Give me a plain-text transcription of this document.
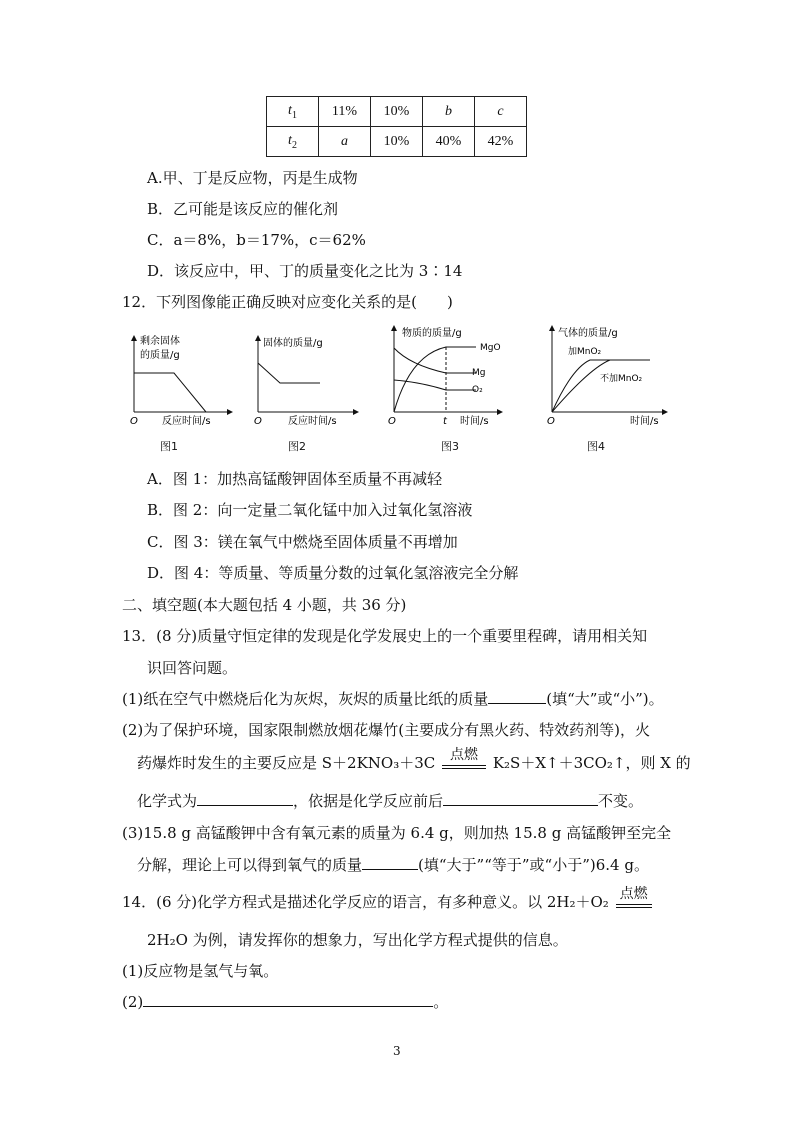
$t_1$	11%	10%	b	c
$t_2$	a	10%	40%	42%
A.甲、丁是反应物，丙是生成物
B．乙可能是该反应的催化剂
C．a＝8%，b＝17%，c＝62%
D．该反应中，甲、丁的质量变化之比为 3∶14
12．下列图像能正确反映对应变化关系的是(　　)
剩余固体
的质量/g
反应时间/s
O
固体的质量/g
反应时间/s
O
物质的质量/g
MgO
Mg
O₂
t 时间/s
O
气体的质量/g
加MnO₂
不加MnO₂
时间/s
O
图1	图2	图3	图4
A．图 1：加热高锰酸钾固体至质量不再减轻
B．图 2：向一定量二氧化锰中加入过氧化氢溶液
C．图 3：镁在氧气中燃烧至固体质量不再增加
D．图 4：等质量、等质量分数的过氧化氢溶液完全分解
二、填空题(本大题包括 4 小题，共 36 分)
13．(8 分)质量守恒定律的发现是化学发展史上的一个重要里程碑，请用相关知
识回答问题。
(1)纸在空气中燃烧后化为灰烬，灰烬的质量比纸的质量	(填“大”或“小”)。
(2)为了保护环境，国家限制燃放烟花爆竹(主要成分有黑火药、特效药剂等)，火
药爆炸时发生的主要反应是 S＋2KNO₃＋3C	点燃 K₂S＋X↑＋3CO₂↑，则 X 的
化学式为	，依据是化学反应前后	不变。
(3)15.8 g 高锰酸钾中含有氧元素的质量为 6.4 g，则加热 15.8 g 高锰酸钾至完全
分解，理论上可以得到氧气的质量	(填“大于”“等于”或“小于”)6.4 g。
14．(6 分)化学方程式是描述化学反应的语言，有多种意义。以 2H₂＋O₂ 点燃
2H₂O 为例，请发挥你的想象力，写出化学方程式提供的信息。
(1)反应物是氢气与氧。
(2)	。
3
